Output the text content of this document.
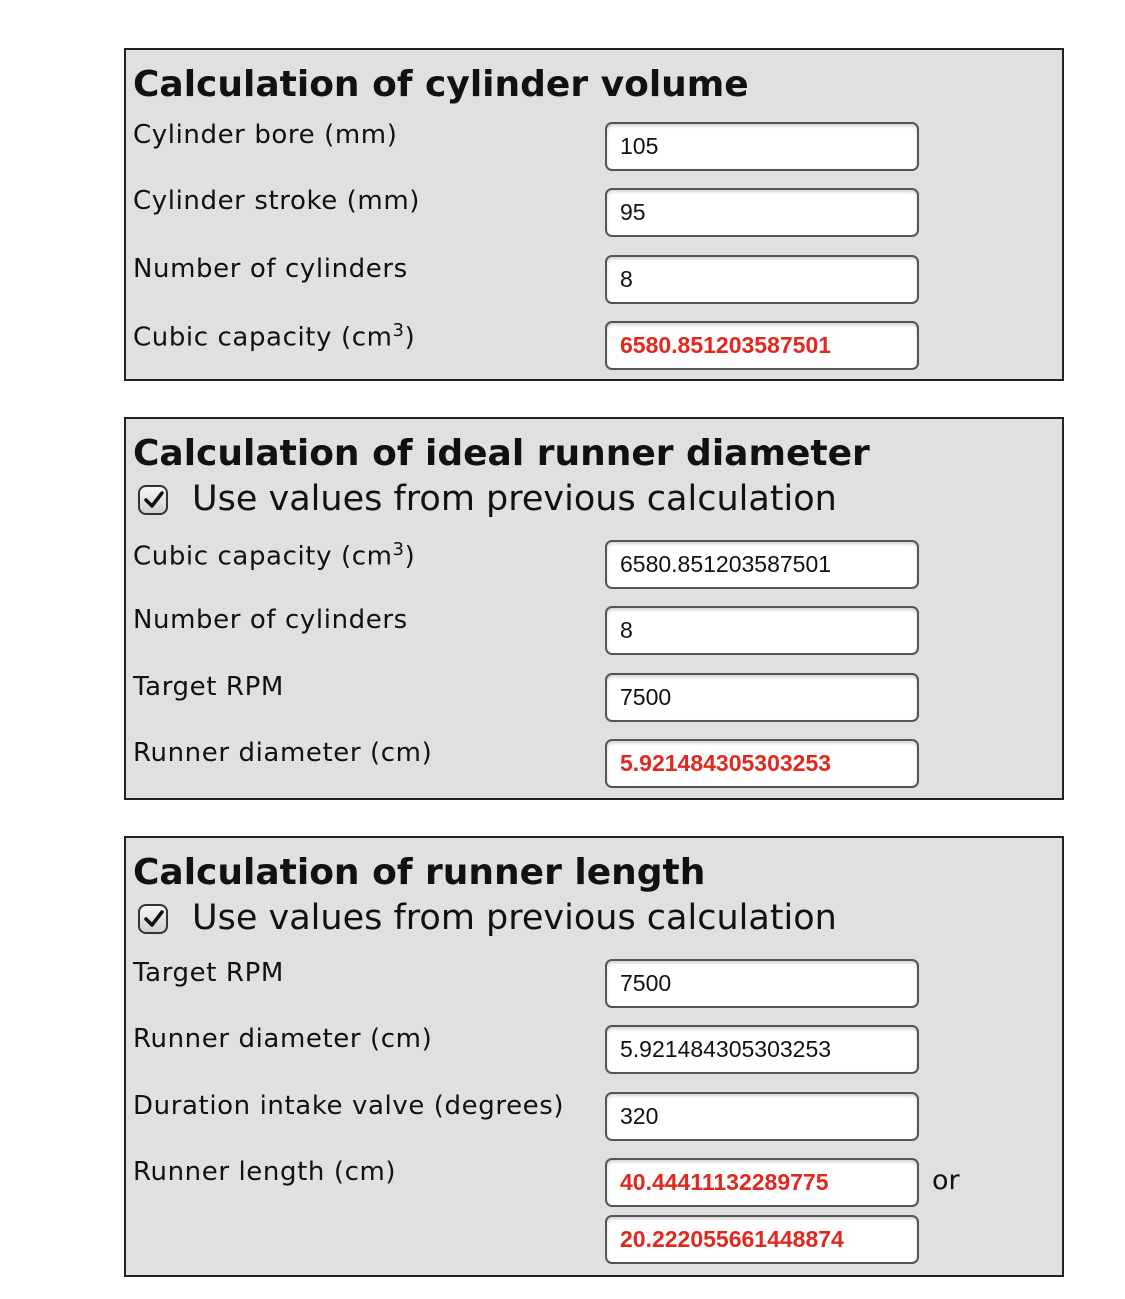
Calculation of cylinder volume
Cylinder bore (mm)
105
Cylinder stroke (mm)
95
Number of cylinders
8
Cubic capacity $(cm^3)$
6580.851203587501
Calculation of ideal runner diameter
Use values from previous calculation
Cubic capacity $(cm^3)$
6580.851203587501
Number of cylinders
8
Target RPM
7500
Runner diameter (cm)
5.921484305303253
Calculation of runner length
Use values from previous calculation
Target RPM
7500
Runner diameter (cm)
5.921484305303253
Duration intake valve (degrees)
320
Runner length (cm)
40.44411132289775	or
20.222055661448874
